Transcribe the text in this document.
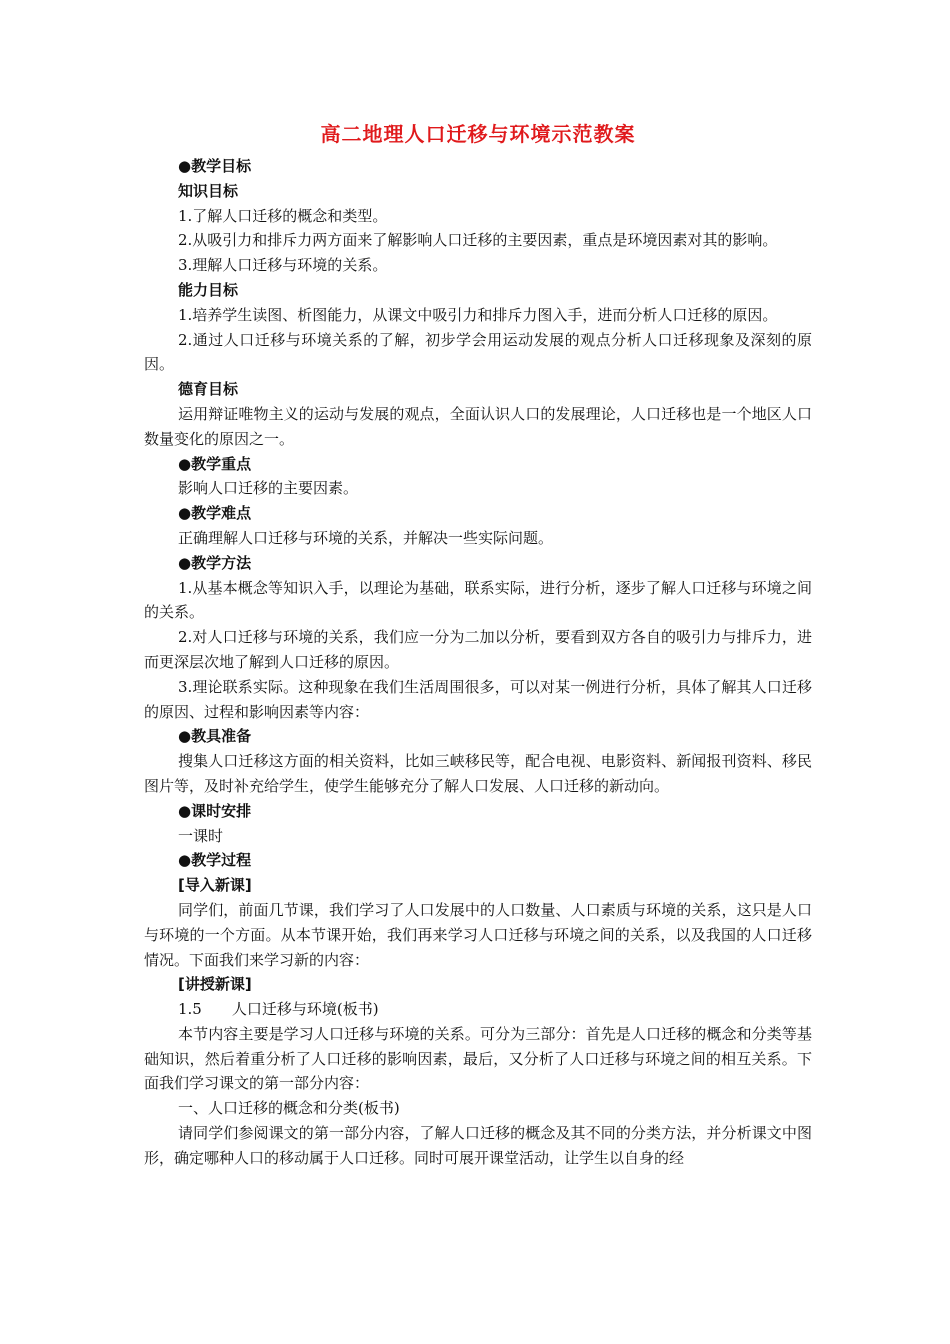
高二地理人口迁移与环境示范教案

●教学目标

知识目标

1.了解人口迁移的概念和类型。

2.从吸引力和排斥力两方面来了解影响人口迁移的主要因素，重点是环境因素对其的影响。

3.理解人口迁移与环境的关系。

能力目标

1.培养学生读图、析图能力，从课文中吸引力和排斥力图入手，进而分析人口迁移的原因。

2.通过人口迁移与环境关系的了解，初步学会用运动发展的观点分析人口迁移现象及深刻的原因。

德育目标

运用辩证唯物主义的运动与发展的观点，全面认识人口的发展理论，人口迁移也是一个地区人口数量变化的原因之一。

●教学重点

影响人口迁移的主要因素。

●教学难点

正确理解人口迁移与环境的关系，并解决一些实际问题。

●教学方法

1.从基本概念等知识入手，以理论为基础，联系实际，进行分析，逐步了解人口迁移与环境之间的关系。

2.对人口迁移与环境的关系，我们应一分为二加以分析，要看到双方各自的吸引力与排斥力，进而更深层次地了解到人口迁移的原因。

3.理论联系实际。这种现象在我们生活周围很多，可以对某一例进行分析，具体了解其人口迁移的原因、过程和影响因素等内容：

●教具准备

搜集人口迁移这方面的相关资料，比如三峡移民等，配合电视、电影资料、新闻报刊资料、移民图片等，及时补充给学生，使学生能够充分了解人口发展、人口迁移的新动向。

●课时安排

一课时

●教学过程

[导入新课]

同学们，前面几节课，我们学习了人口发展中的人口数量、人口素质与环境的关系，这只是人口与环境的一个方面。从本节课开始，我们再来学习人口迁移与环境之间的关系，以及我国的人口迁移情况。下面我们来学习新的内容：

[讲授新课]

1.5　　人口迁移与环境(板书)

本节内容主要是学习人口迁移与环境的关系。可分为三部分：首先是人口迁移的概念和分类等基础知识，然后着重分析了人口迁移的影响因素，最后，又分析了人口迁移与环境之间的相互关系。下面我们学习课文的第一部分内容：

一、人口迁移的概念和分类(板书)

请同学们参阅课文的第一部分内容，了解人口迁移的概念及其不同的分类方法，并分析课文中图形，确定哪种人口的移动属于人口迁移。同时可展开课堂活动，让学生以自身的经
